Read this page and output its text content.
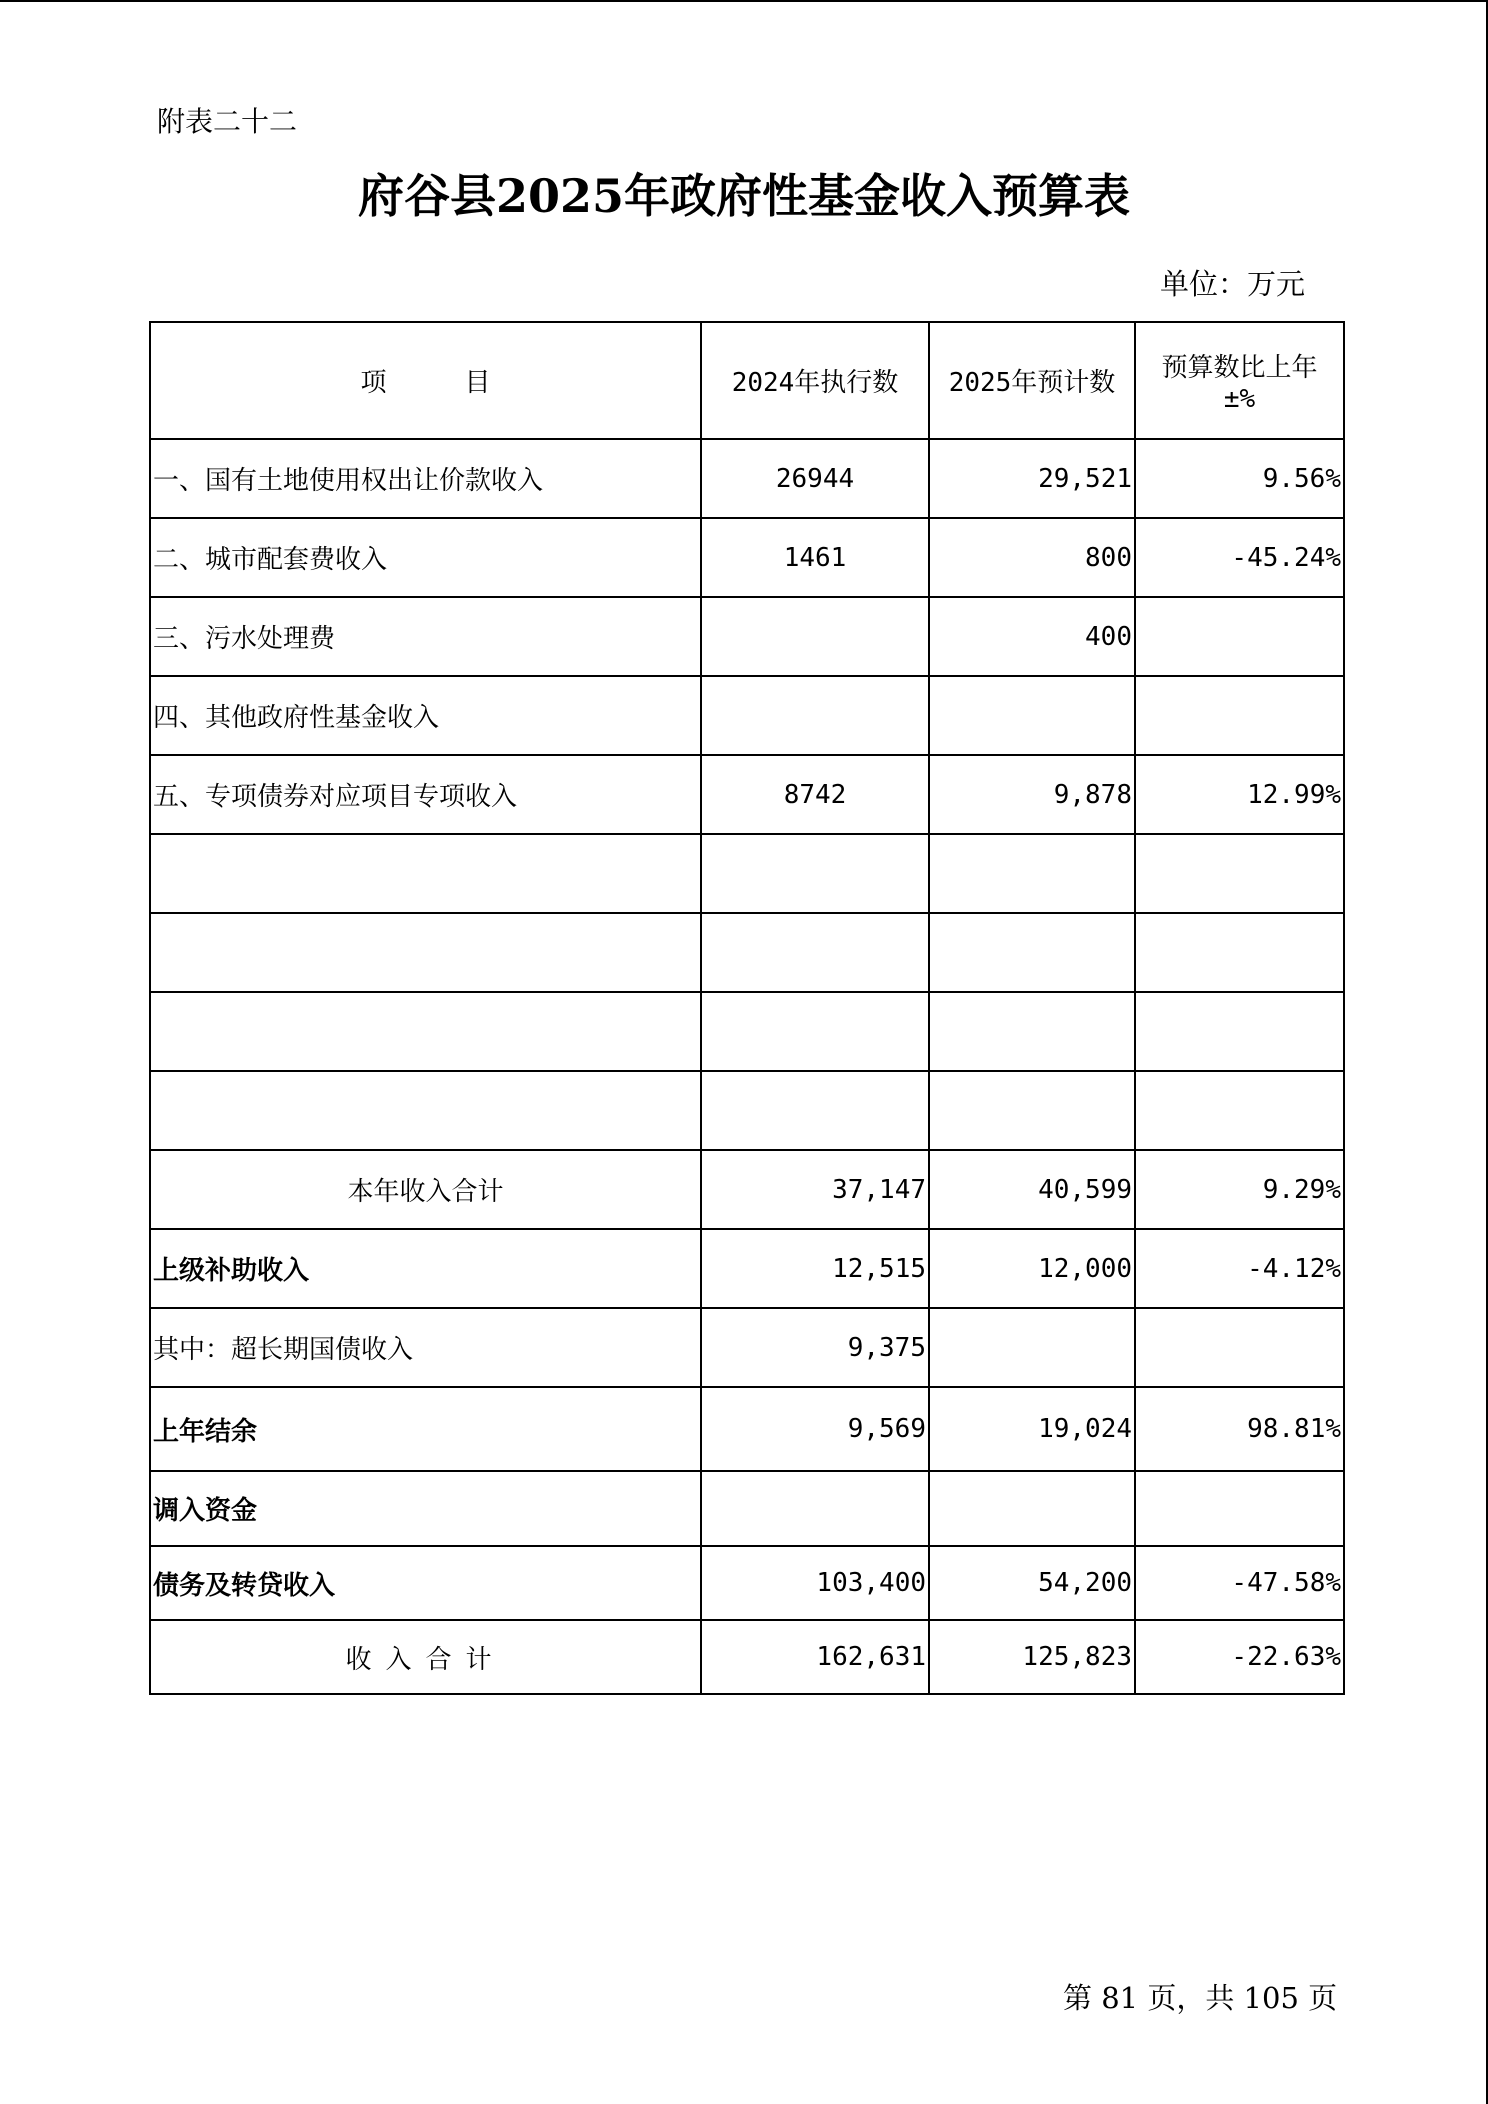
附表二十二
府谷县2025年政府性基金收入预算表
单位：万元
项　　　目	2024年执行数	2025年预计数	预算数比上年
±%

一、国有土地使用权出让价款收入	26944	29,521	9.56%
二、城市配套费收入	1461	800	-45.24%
三、污水处理费		400	
四、其他政府性基金收入			
五、专项债券对应项目专项收入	8742	9,878	12.99%

本年收入合计	37,147	40,599	9.29%
上级补助收入	12,515	12,000	-4.12%
其中：超长期国债收入	9,375		
上年结余	9,569	19,024	98.81%
调入资金			
债务及转贷收入	103,400	54,200	-47.58%
收入合计	162,631	125,823	-22.63%
第 81 页，共 105 页
